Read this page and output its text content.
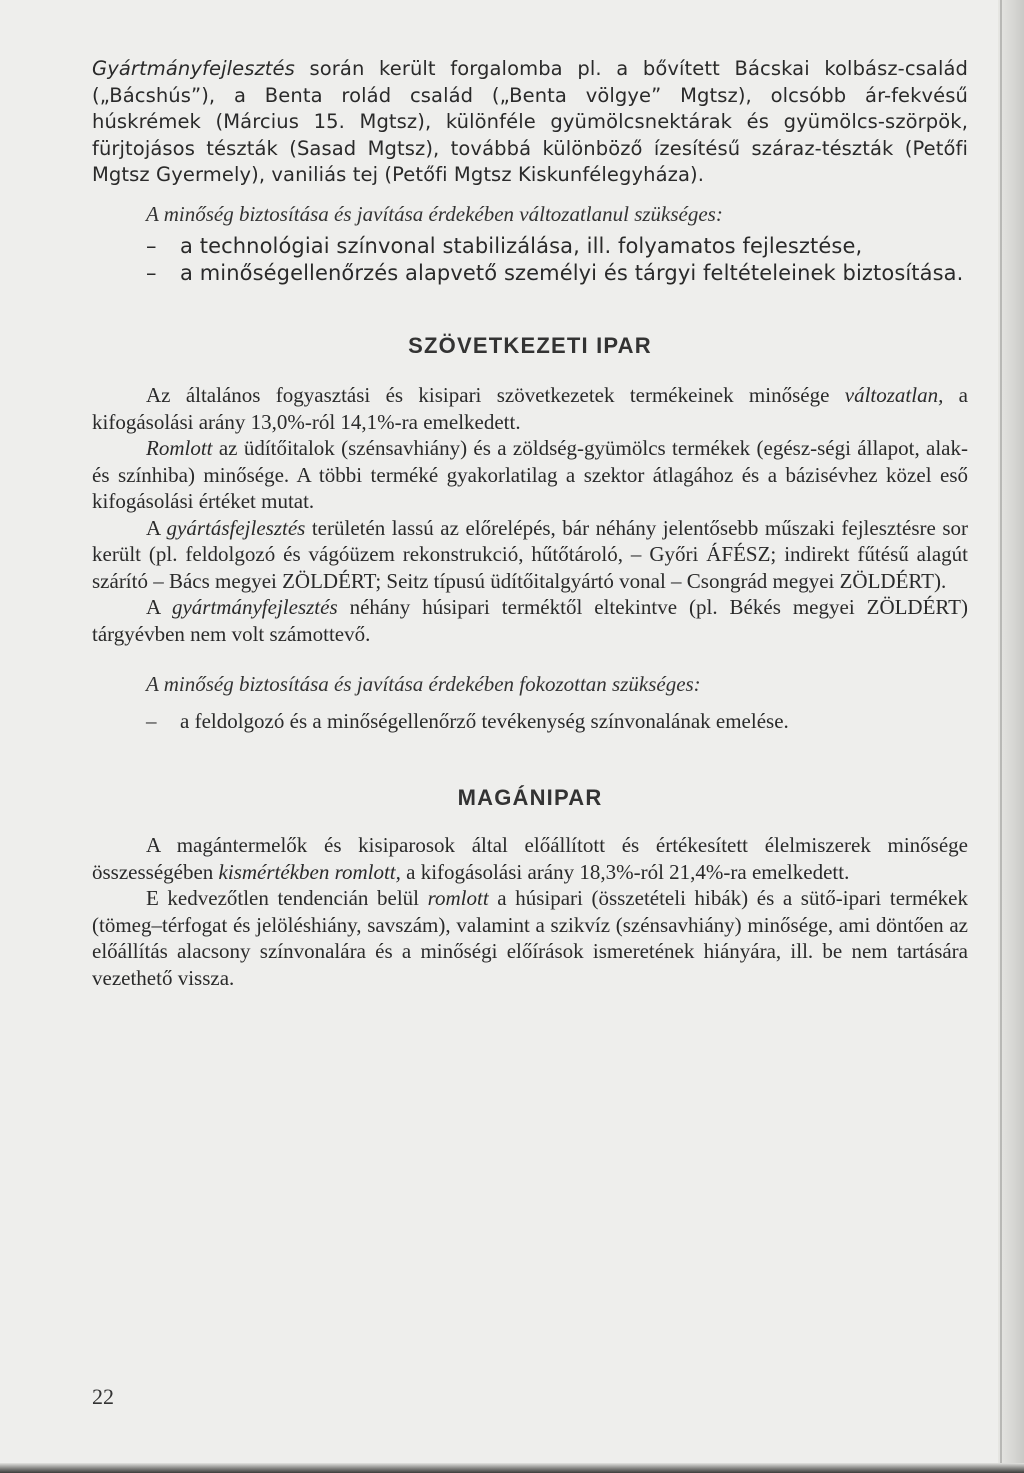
Gyártmányfejlesztés során került forgalomba pl. a bővített Bácskai kolbász-család („Bácshús”), a Benta rolád család („Benta völgye” Mgtsz), olcsóbb ár-fekvésű húskrémek (Március 15. Mgtsz), különféle gyümölcsnektárak és gyümölcs-szörpök, fürjtojásos tészták (Sasad Mgtsz), továbbá különböző ízesítésű száraz-tészták (Petőfi Mgtsz Gyermely), vaniliás tej (Petőfi Mgtsz Kiskunfélegyháza).

A minőség biztosítása és javítása érdekében változatlanul szükséges:

–	a technológiai színvonal stabilizálása, ill. folyamatos fejlesztése,

–	a minőségellenőrzés alapvető személyi és tárgyi feltételeinek biztosítása.

SZÖVETKEZETI IPAR

Az általános fogyasztási és kisipari szövetkezetek termékeinek minősége változatlan, a kifogásolási arány 13,0%-ról 14,1%-ra emelkedett.

Romlott az üdítőitalok (szénsavhiány) és a zöldség-gyümölcs termékek (egész-ségi állapot, alak- és színhiba) minősége. A többi terméké gyakorlatilag a szektor átlagához és a bázisévhez közel eső kifogásolási értéket mutat.

A gyártásfejlesztés területén lassú az előrelépés, bár néhány jelentősebb műszaki fejlesztésre sor került (pl. feldolgozó és vágóüzem rekonstrukció, hűtőtároló, – Győri ÁFÉSZ; indirekt fűtésű alagút szárító – Bács megyei ZÖLDÉRT; Seitz típusú üdítőitalgyártó vonal – Csongrád megyei ZÖLDÉRT).

A gyártmányfejlesztés néhány húsipari terméktől eltekintve (pl. Békés megyei ZÖLDÉRT) tárgyévben nem volt számottevő.

A minőség biztosítása és javítása érdekében fokozottan szükséges:

–	a feldolgozó és a minőségellenőrző tevékenység színvonalának emelése.

MAGÁNIPAR

A magántermelők és kisiparosok által előállított és értékesített élelmiszerek minősége összességében kismértékben romlott, a kifogásolási arány 18,3%-ról 21,4%-ra emelkedett.

E kedvezőtlen tendencián belül romlott a húsipari (összetételi hibák) és a sütő-ipari termékek (tömeg–térfogat és jelöléshiány, savszám), valamint a szikvíz (szénsavhiány) minősége, ami döntően az előállítás alacsony színvonalára és a minőségi előírások ismeretének hiányára, ill. be nem tartására vezethető vissza.

22
